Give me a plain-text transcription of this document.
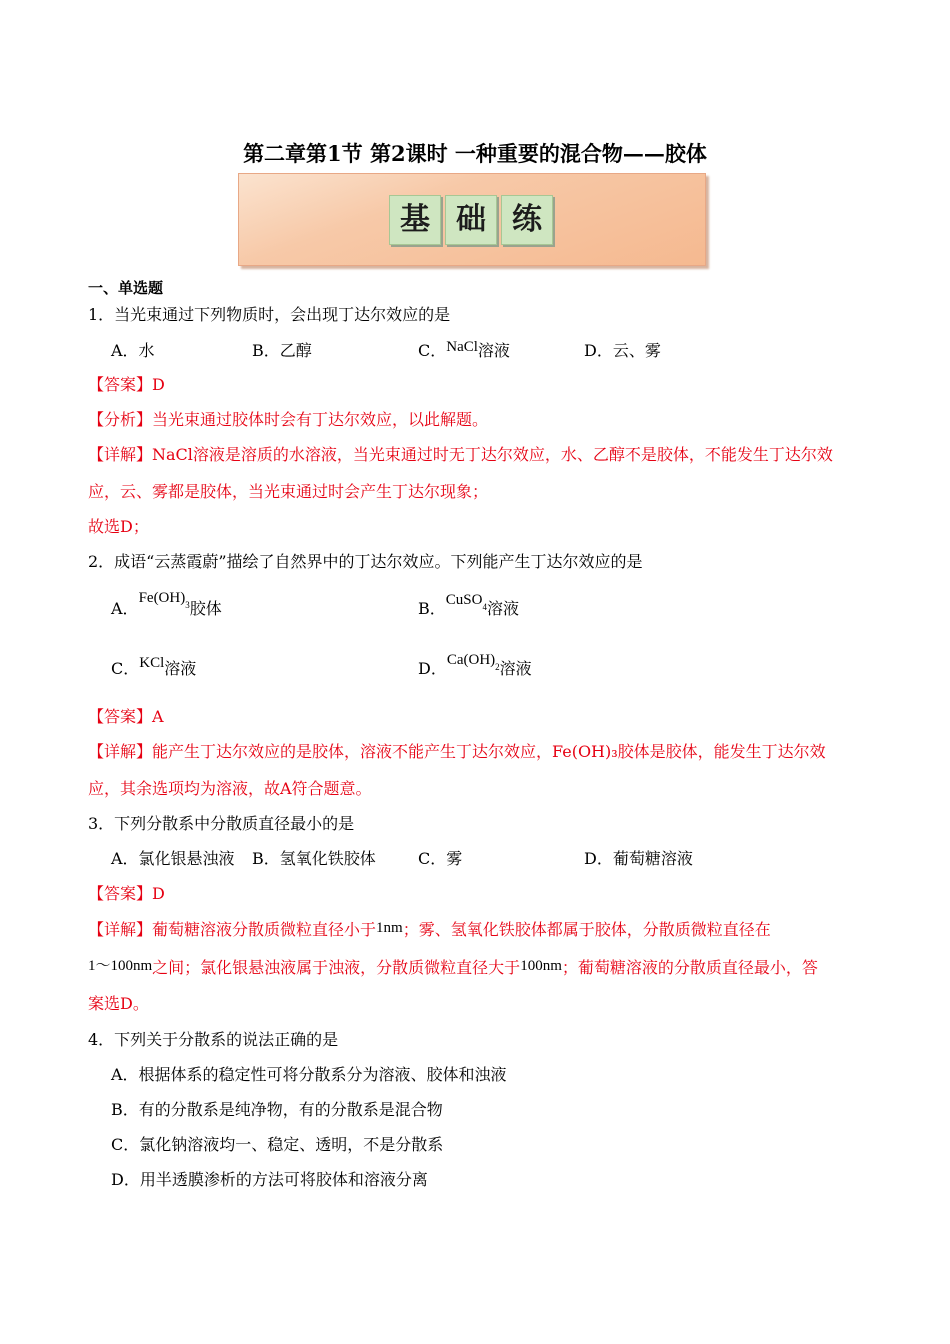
第二章第1节 第2课时 一种重要的混合物——胶体
基 础 练
一、单选题
1．当光束通过下列物质时，会出现丁达尔效应的是
A．水	B．乙醇	C．NaCl溶液	D．云、雾
【答案】D
【分析】当光束通过胶体时会有丁达尔效应，以此解题。
【详解】NaCl溶液是溶质的水溶液，当光束通过时无丁达尔效应，水、乙醇不是胶体，不能发生丁达尔效
应，云、雾都是胶体，当光束通过时会产生丁达尔现象；
故选D；
2．成语“云蒸霞蔚”描绘了自然界中的丁达尔效应。下列能产生丁达尔效应的是
A．$Fe(OH)_3$胶体	B．CuSO$_4$溶液
C．KCl溶液	D．$Ca(OH)_2$溶液
【答案】A
【详解】能产生丁达尔效应的是胶体，溶液不能产生丁达尔效应，Fe(OH)₃胶体是胶体，能发生丁达尔效
应，其余选项均为溶液，故A符合题意。
3．下列分散系中分散质直径最小的是
A．氯化银悬浊液 B．氢氧化铁胶体	C．雾	D．葡萄糖溶液
【答案】D
【详解】葡萄糖溶液分散质微粒直径小于1nm；雾、氢氧化铁胶体都属于胶体，分散质微粒直径在
1～100nm之间；氯化银悬浊液属于浊液，分散质微粒直径大于100nm；葡萄糖溶液的分散质直径最小，答
案选D。
4．下列关于分散系的说法正确的是
A．根据体系的稳定性可将分散系分为溶液、胶体和浊液
B．有的分散系是纯净物，有的分散系是混合物
C．氯化钠溶液均一、稳定、透明，不是分散系
D．用半透膜渗析的方法可将胶体和溶液分离
